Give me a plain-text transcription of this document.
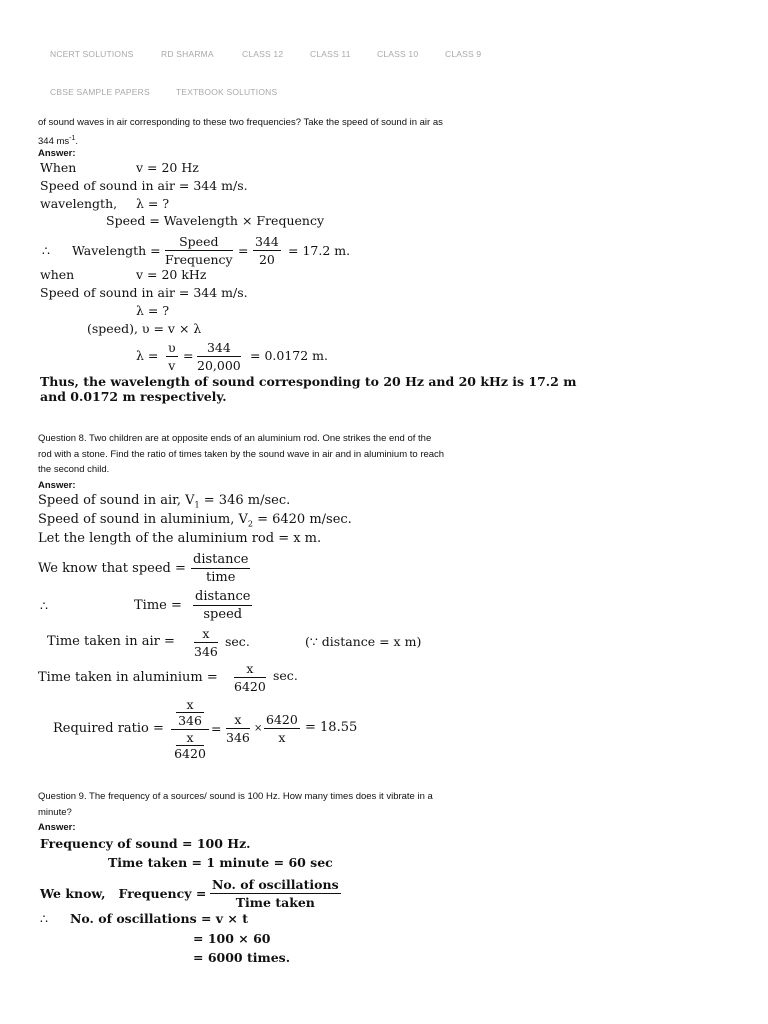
NCERT SOLUTIONS	RD SHARMA	CLASS 12	CLASS 11	CLASS 10	CLASS 9
CBSE SAMPLE PAPERS	TEXTBOOK SOLUTIONS
of sound waves in air corresponding to these two frequencies? Take the speed of sound in air as
344 $ms^{-1}$.
Answer:
When	v = 20 Hz
Speed of sound in air = 344 m/s.
wavelength, λ = ?
Speed = Wavelength × Frequency
∴ Wavelength =
Speed
Frequency
= $\frac{344}{20} = 17.2$ m.
when	v = 20 kHz
Speed of sound in air = 344 m/s.
λ = ?
(speed), υ = v × λ
$\lambda = \frac{\upsilon}{v} = \frac{344}{20,000} = 0.0172$ m.
Thus, the wavelength of sound corresponding to 20 Hz and 20 kHz is 17.2 m
and 0.0172 m respectively.
Question 8. Two children are at opposite ends of an aluminium rod. One strikes the end of the
rod with a stone. Find the ratio of times taken by the sound wave in air and in aluminium to reach
the second child.
Answer:
Speed of sound in air, $V_1 = 346$ m/sec.
Speed of sound in aluminium, $V_2 = 6420$ m/sec.
Let the length of the aluminium rod = x m.
We know that speed =
distance
time
∴	Time =
distance
speed
Time taken in air = $\frac{x}{346} \sec$.	(∵ distance = x m)
Time taken in aluminium = $\frac{x}{6420} \sec$.
Required ratio =
x
346
x
6420
= $\frac{x}{346} \times \frac{6420}{x} = 18.55$
Question 9. The frequency of a sources/ sound is 100 Hz. How many times does it vibrate in a
minute?
Answer:
Frequency of sound = 100 Hz.
Time taken = 1 minute = 60 sec
We know,   Frequency =
No. of oscillations
Time taken
∴ No. of oscillations = v × t
= 100 × 60
= 6000 times.
